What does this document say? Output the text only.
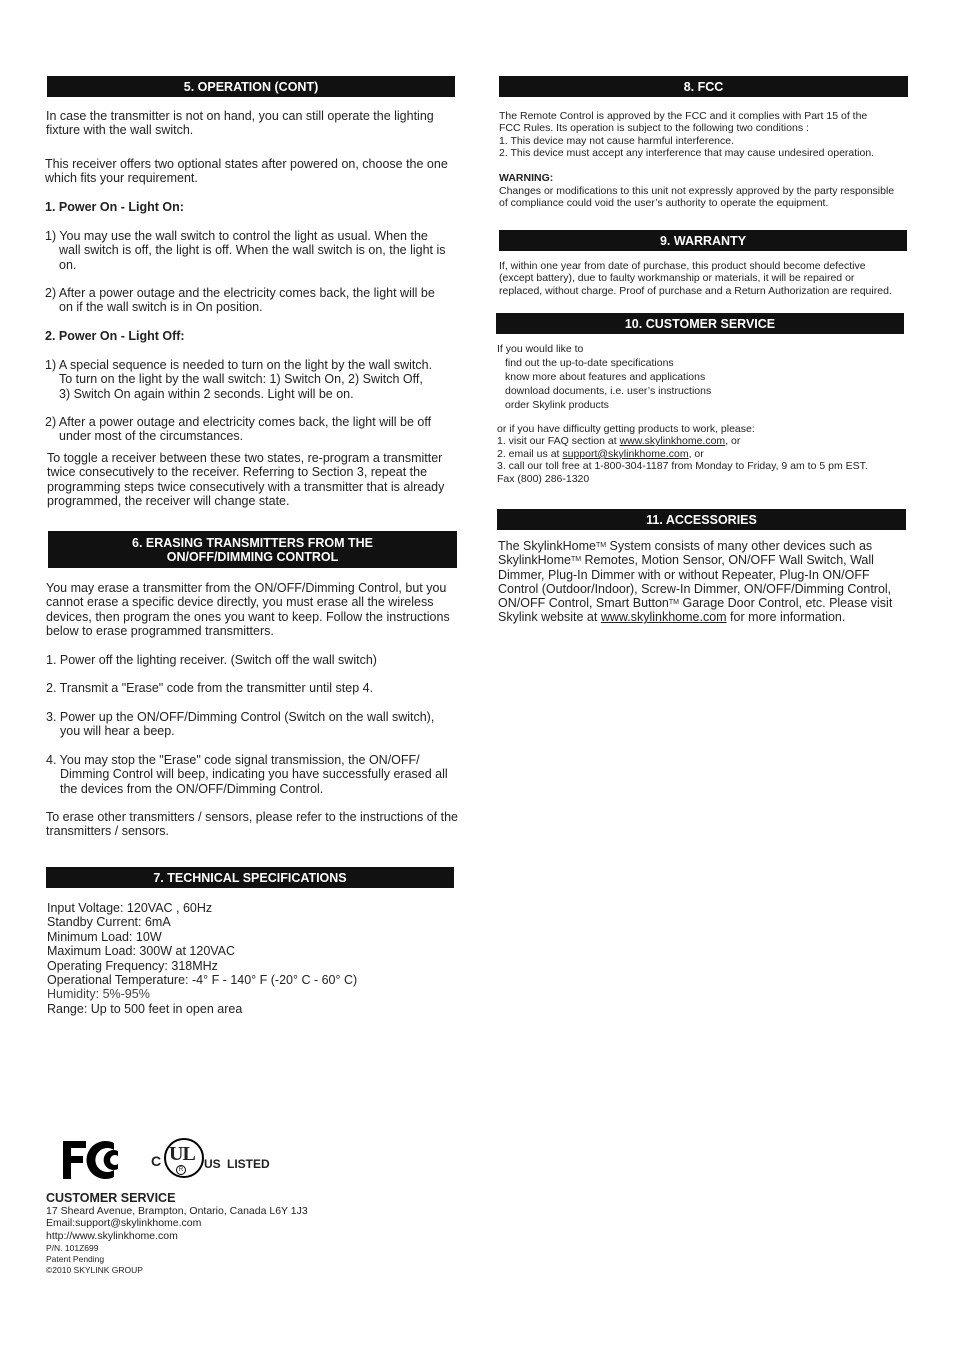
5. OPERATION (CONT)
In case the transmitter is not on hand, you can still operate the lighting fixture with the wall switch.
This receiver offers two optional states after powered on, choose the one which fits your requirement.
1. Power On - Light On:
1) You may use the wall switch to control the light as usual. When the
wall switch is off, the light is off. When the wall switch is on, the light is
on.
2) After a power outage and the electricity comes back, the light will be
on if the wall switch is in On position.
2. Power On - Light Off:
1) A special sequence is needed to turn on the light by the wall switch.
To turn on the light by the wall switch: 1) Switch On, 2) Switch Off,
3) Switch On again within 2 seconds. Light will be on.
2) After a power outage and electricity comes back, the light will be off
under most of the circumstances.
To toggle a receiver between these two states, re-program a transmitter twice consecutively to the receiver. Referring to Section 3, repeat the programming steps twice consecutively with a transmitter that is already programmed, the receiver will change state.
6. ERASING TRANSMITTERS FROM THE
ON/OFF/DIMMING CONTROL
You may erase a transmitter from the ON/OFF/Dimming Control, but you cannot erase a specific device directly, you must erase all the wireless devices, then program the ones you want to keep. Follow the instructions below to erase programmed transmitters.
1. Power off the lighting receiver. (Switch off the wall switch)
2. Transmit a "Erase" code from the transmitter until step 4.
3. Power up the ON/OFF/Dimming Control (Switch on the wall switch),
you will hear a beep.
4. You may stop the "Erase" code signal transmission, the ON/OFF/
Dimming Control will beep, indicating you have successfully erased all
the devices from the ON/OFF/Dimming Control.
To erase other transmitters / sensors, please refer to the instructions of the transmitters / sensors.
7. TECHNICAL SPECIFICATIONS
Input Voltage: 120VAC , 60Hz
Standby Current: 6mA
Minimum Load: 10W
Maximum Load: 300W at 120VAC
Operating Frequency: 318MHz
Operational Temperature: -4° F - 140° F (-20° C - 60° C)
Humidity: 5%-95%
Range: Up to 500 feet in open area
C UL
R US LISTED
CUSTOMER SERVICE
17 Sheard Avenue, Brampton, Ontario, Canada L6Y 1J3
Email:support@skylinkhome.com
http://www.skylinkhome.com
P/N. 101Z699
Patent Pending
©2010 SKYLINK GROUP
8. FCC
The Remote Control is approved by the FCC and it complies with Part 15 of the
FCC Rules. Its operation is subject to the following two conditions :
1. This device may not cause harmful interference.
2. This device must accept any interference that may cause undesired operation.
WARNING:
Changes or modifications to this unit not expressly approved by the party responsible
of compliance could void the user’s authority to operate the equipment.
9. WARRANTY
If, within one year from date of purchase, this product should become defective
(except battery), due to faulty workmanship or materials, it will be repaired or
replaced, without charge. Proof of purchase and a Return Authorization are required.
10. CUSTOMER SERVICE
If you would like to
find out the up-to-date specifications
know more about features and applications
download documents, i.e. user’s instructions
order Skylink products
or if you have difficulty getting products to work, please:
1. visit our FAQ section at www.skylinkhome.com, or
2. email us at support@skylinkhome.com, or
3. call our toll free at 1-800-304-1187 from Monday to Friday, 9 am to 5 pm EST.
Fax (800) 286-1320
11. ACCESSORIES
The SkylinkHome™ System consists of many other devices such as
SkylinkHome™ Remotes, Motion Sensor, ON/OFF Wall Switch, Wall
Dimmer, Plug-In Dimmer with or without Repeater, Plug-In ON/OFF
Control (Outdoor/Indoor), Screw-In Dimmer, ON/OFF/Dimming Control,
ON/OFF Control, Smart Button™ Garage Door Control, etc. Please visit
Skylink website at www.skylinkhome.com for more information.
